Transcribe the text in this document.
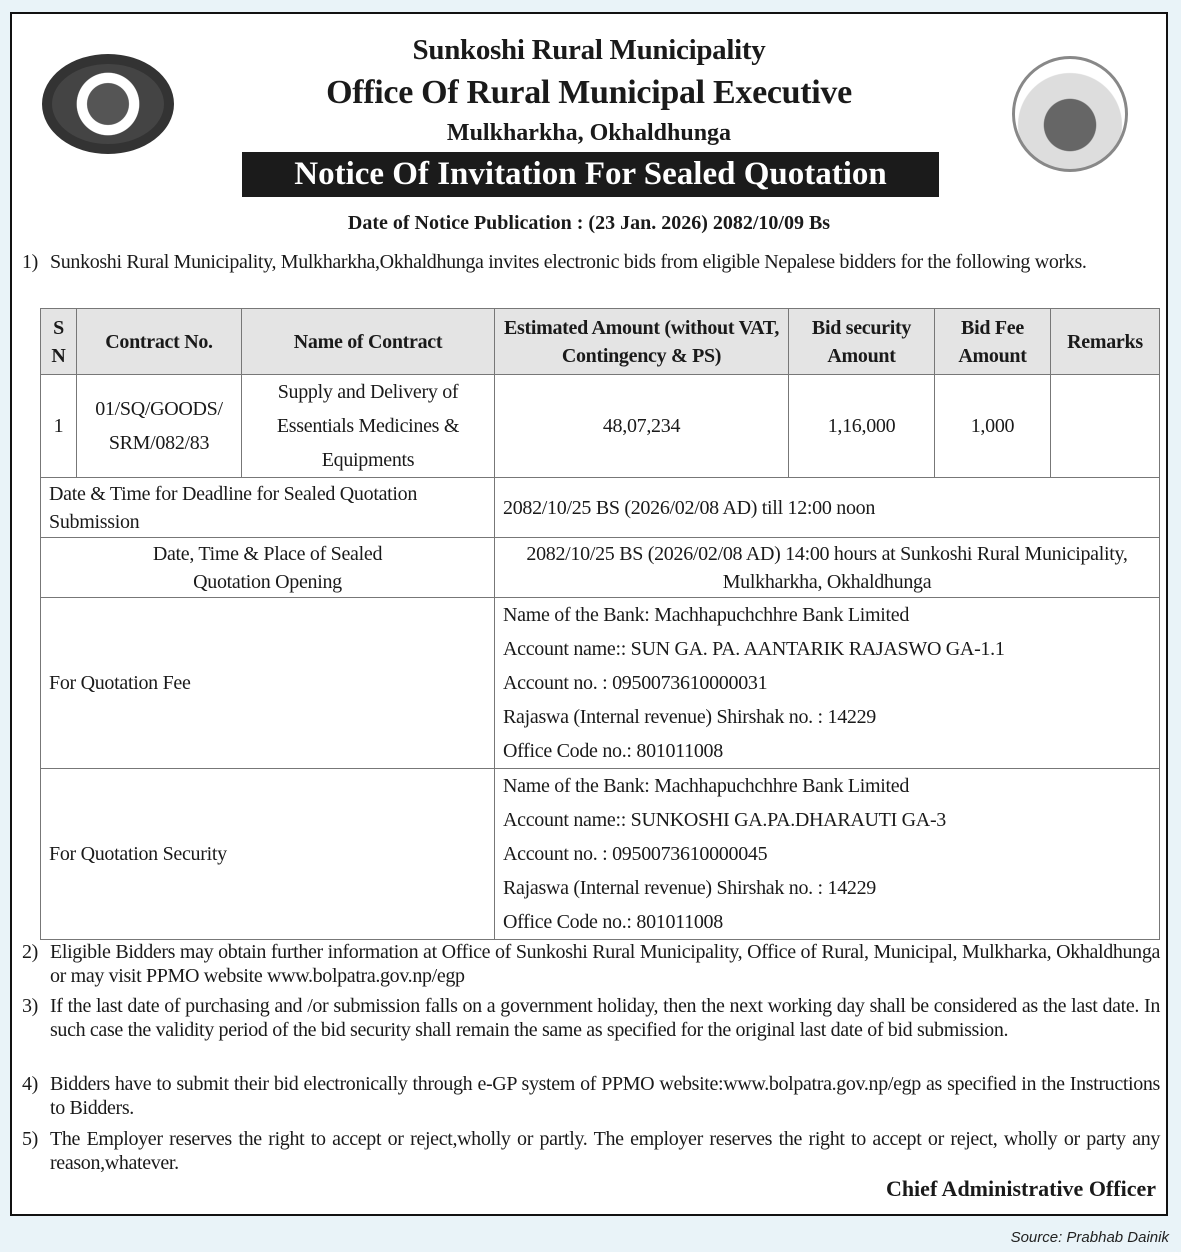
Sunkoshi Rural Municipality
Office Of Rural Municipal Executive
Mulkharkha, Okhaldhunga
Notice Of Invitation For Sealed Quotation
Date of Notice Publication : (23 Jan. 2026) 2082/10/09 Bs
1) Sunkoshi Rural Municipality, Mulkharkha,Okhaldhunga invites electronic bids from eligible Nepalese bidders for the following works.
S N	Contract No.	Name of Contract	Estimated Amount (without VAT, Contingency & PS)	Bid security Amount	Bid Fee Amount	Remarks
1	01/SQ/GOODS/ SRM/082/83	Supply and Delivery of Essentials Medicines & Equipments	48,07,234	1,16,000	1,000	
Date & Time for Deadline for Sealed Quotation Submission			2082/10/25 BS (2026/02/08 AD) till 12:00 noon			
Date, Time & Place of Sealed Quotation Opening			2082/10/25 BS (2026/02/08 AD) 14:00 hours at Sunkoshi Rural Municipality, Mulkharkha, Okhaldhunga			
For Quotation Fee			Name of the Bank: Machhapuchchhre Bank Limited
Account name:: SUN GA. PA. AANTARIK RAJASWO GA-1.1
Account no. : 0950073610000031
Rajaswa (Internal revenue) Shirshak no. : 14229
Office Code no.: 801011008			

For Quotation Security			Name of the Bank: Machhapuchchhre Bank Limited
Account name:: SUNKOSHI GA.PA.DHARAUTI GA-3
Account no. : 0950073610000045
Rajaswa (Internal revenue) Shirshak no. : 14229
Office Code no.: 801011008			
2) Eligible Bidders may obtain further information at Office of Sunkoshi Rural Municipality, Office of Rural, Municipal, Mulkharka, Okhaldhunga or may visit PPMO website www.bolpatra.gov.np/egp
3) If the last date of purchasing and /or submission falls on a government holiday, then the next working day shall be considered as the last date. In such case the validity period of the bid security shall remain the same as specified for the original last date of bid submission.
4) Bidders have to submit their bid electronically through e-GP system of PPMO website:www.bolpatra.gov.np/egp as specified in the Instructions to Bidders.
5) The Employer reserves the right to accept or reject,wholly or partly. The employer reserves the right to accept or reject, wholly or party any reason,whatever.
Chief Administrative Officer
Source: Prabhab Dainik
